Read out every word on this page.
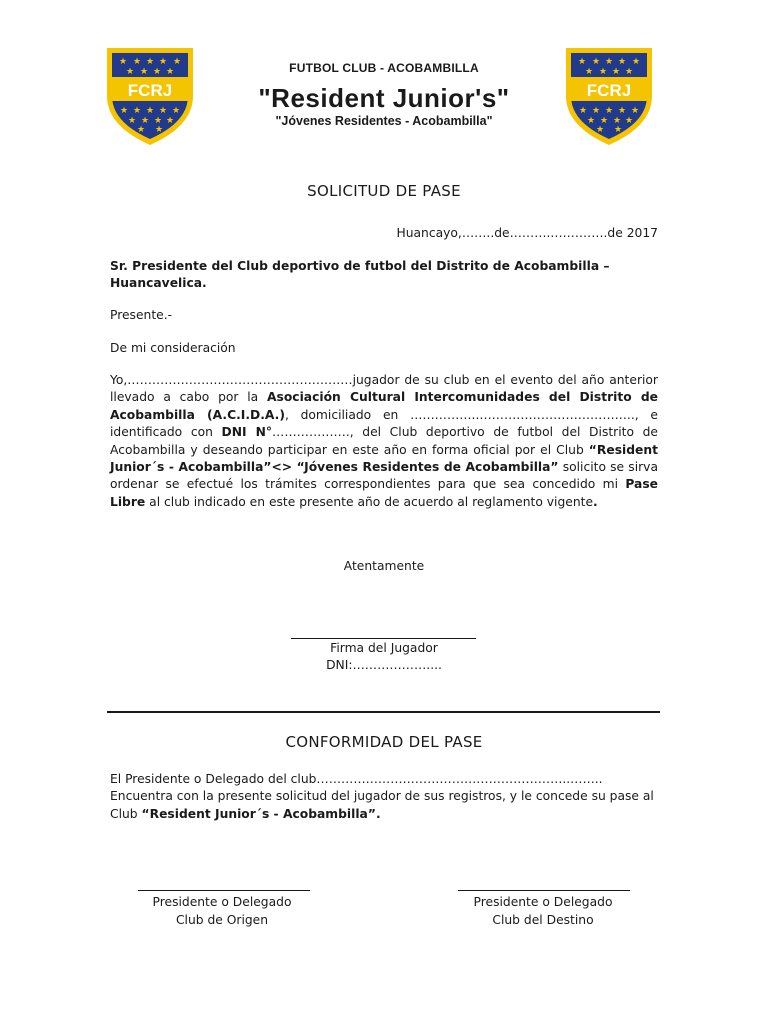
★ ★ ★ ★ ★
★ ★ ★ ★
★ ★ ★ ★ ★
★ ★ ★ ★
★ ★
FCRJ
★ ★ ★ ★ ★
★ ★ ★ ★
★ ★ ★ ★ ★
★ ★ ★ ★
★ ★
FCRJ
FUTBOL CLUB - ACOBAMBILLA
"Resident Junior's"
"Jóvenes Residentes - Acobambilla"
SOLICITUD DE PASE
Huancayo,……..de………..………….de 2017
Sr. Presidente del Club deportivo de futbol del Distrito de Acobambilla – Huancavelica.
Presente.-
De mi consideración
Yo,………………………………………….……jugador de su club en el evento del año anterior llevado a cabo por la Asociación Cultural Intercomunidades del Distrito de Acobambilla (A.C.I.D.A.), domiciliado en ……………..……………………………….., e identificado con DNI N°………………., del Club deportivo de futbol del Distrito de Acobambilla y deseando participar en este año en forma oficial por el Club “Resident Junior´s - Acobambilla”<> “Jóvenes Residentes de Acobambilla” solicito se sirva ordenar se efectué los trámites correspondientes para que sea concedido mi Pase Libre al club indicado en este presente año de acuerdo al reglamento vigente.
Atentamente
Firma del Jugador
DNI:………………....
CONFORMIDAD DEL PASE
El Presidente o Delegado del club……………………………………………………..…….. Encuentra con la presente solicitud del jugador de sus registros, y le concede su pase al Club “Resident Junior´s - Acobambilla”.
Presidente o Delegado
Club de Origen
Presidente o Delegado
Club del Destino
